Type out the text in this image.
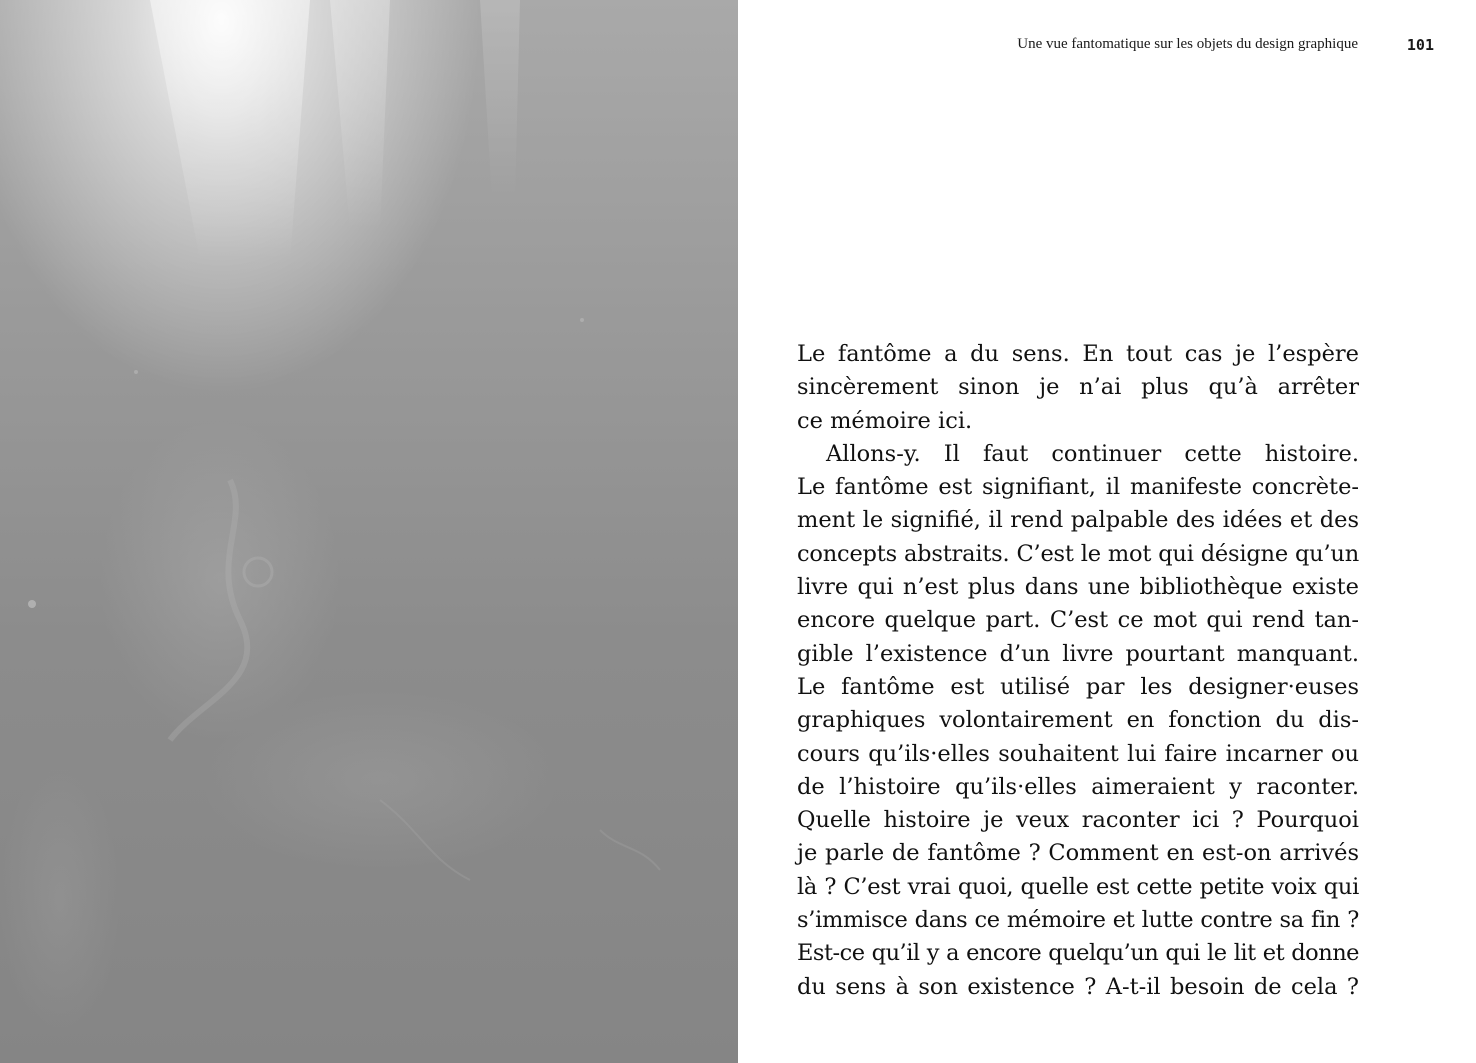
Une vue fantomatique sur les objets du design graphique	101

Le fantôme a du sens. En tout cas je l’espère
sincèrement sinon je n’ai plus qu’à arrêter
ce mémoire ici.

Allons-y. Il faut continuer cette histoire.
Le fantôme est signifiant, il manifeste concrète-
ment le signifié, il rend palpable des idées et des
concepts abstraits. C’est le mot qui désigne qu’un
livre qui n’est plus dans une bibliothèque existe
encore quelque part. C’est ce mot qui rend tan-
gible l’existence d’un livre pourtant manquant.
Le fantôme est utilisé par les designer·euses
graphiques volontairement en fonction du dis-
cours qu’ils·elles souhaitent lui faire incarner ou
de l’histoire qu’ils·elles aimeraient y raconter.
Quelle histoire je veux raconter ici ? Pourquoi
je parle de fantôme ? Comment en est-on arrivés
là ? C’est vrai quoi, quelle est cette petite voix qui
s’immisce dans ce mémoire et lutte contre sa fin ?
Est-ce qu’il y a encore quelqu’un qui le lit et donne
du sens à son existence ? A-t-il besoin de cela ?
